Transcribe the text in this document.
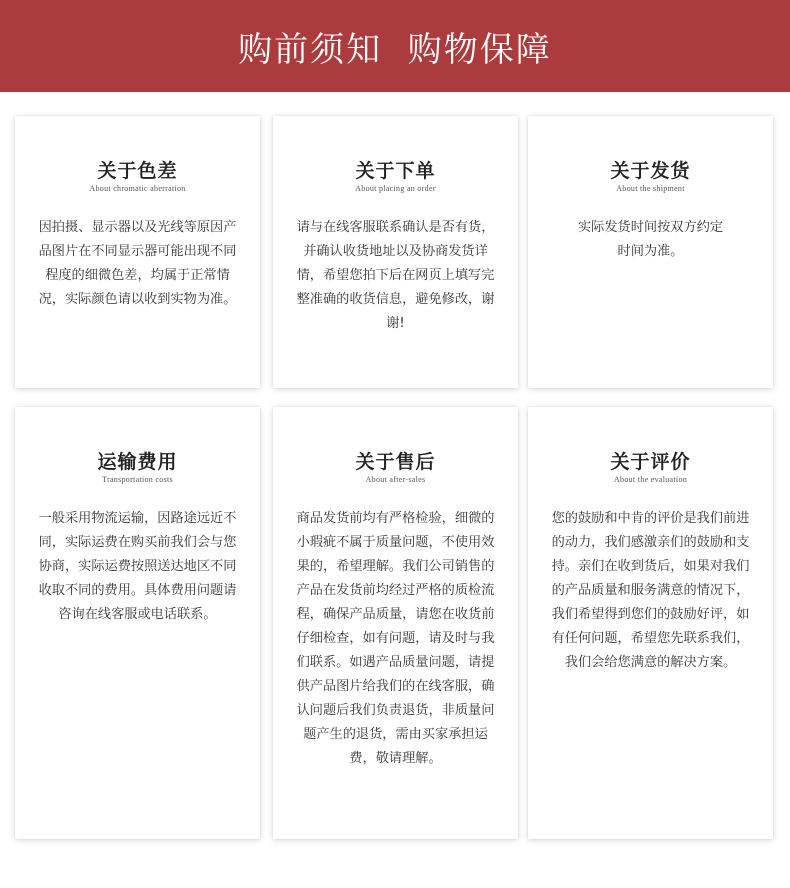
购前须知  购物保障
关于色差
About chromatic aberration
因拍摄、显示器以及光线等原因产品图片在不同显示器可能出现不同程度的细微色差，均属于正常情况，实际颜色请以收到实物为准。
关于下单
About placing an order
请与在线客服联系确认是否有货，并确认收货地址以及协商发货详情，希望您拍下后在网页上填写完整准确的收货信息，避免修改，谢谢!
关于发货
About the shipment
实际发货时间按双方约定时间为准。
运输费用
Transportation costs
一般采用物流运输，因路途远近不同，实际运费在购买前我们会与您协商，实际运费按照送达地区不同收取不同的费用。具体费用问题请咨询在线客服或电话联系。
关于售后
About after-sales
商品发货前均有严格检验，细微的小瑕疵不属于质量问题，不使用效果的，希望理解。我们公司销售的产品在发货前均经过严格的质检流程，确保产品质量，请您在收货前仔细检查，如有问题，请及时与我们联系。如遇产品质量问题，请提供产品图片给我们的在线客服，确认问题后我们负责退货，非质量问题产生的退货，需由买家承担运费，敬请理解。
关于评价
About the evaluation
您的鼓励和中肯的评价是我们前进的动力，我们感激亲们的鼓励和支持。亲们在收到货后，如果对我们的产品质量和服务满意的情况下，我们希望得到您们的鼓励好评，如有任何问题，希望您先联系我们，我们会给您满意的解决方案。
